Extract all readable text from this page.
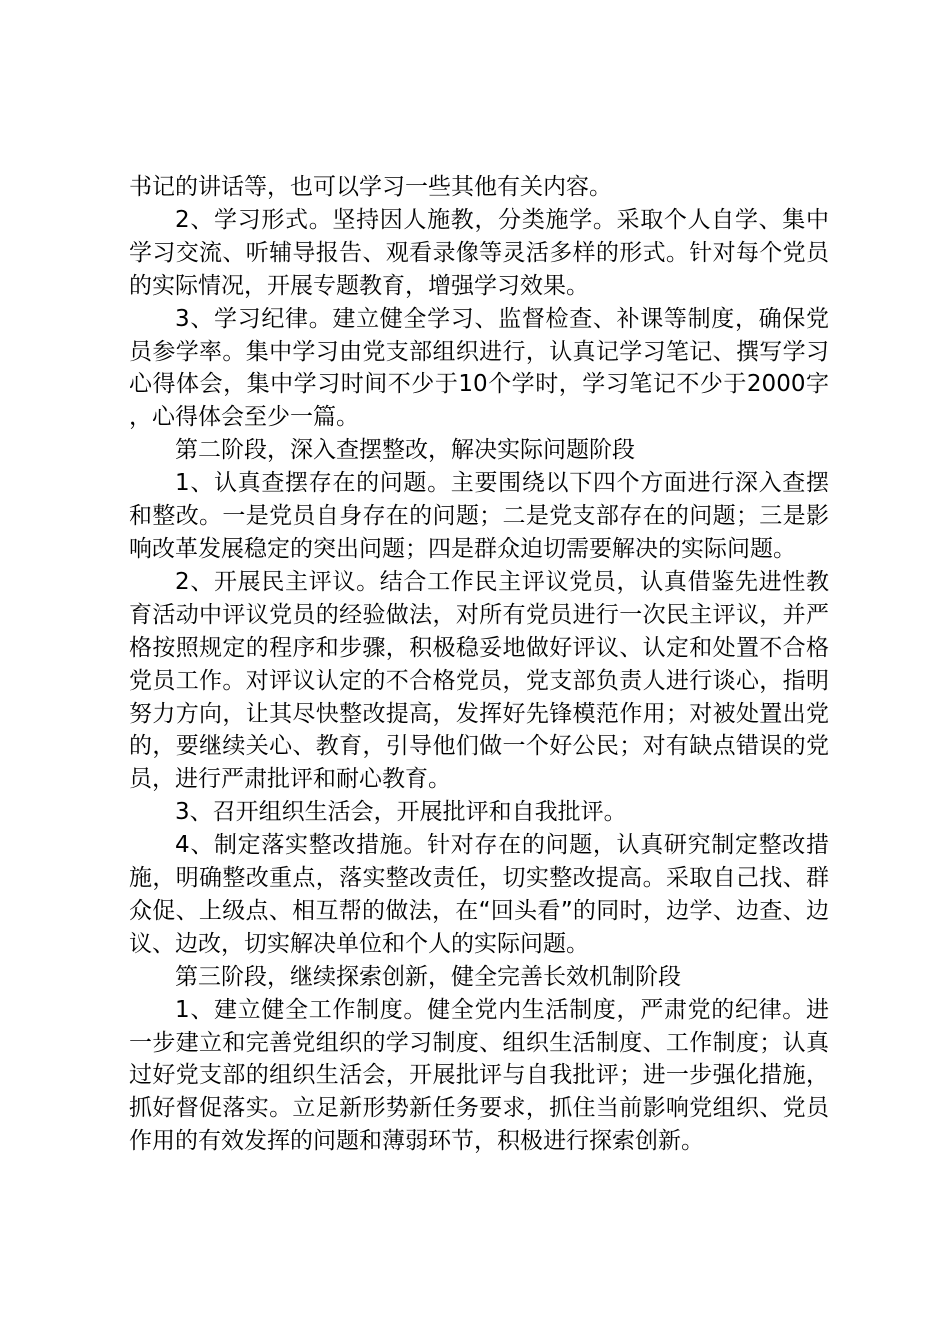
书记的讲话等，也可以学习一些其他有关内容。

2、学习形式。坚持因人施教，分类施学。采取个人自学、集中学习交流、听辅导报告、观看录像等灵活多样的形式。针对每个党员的实际情况，开展专题教育，增强学习效果。

3、学习纪律。建立健全学习、监督检查、补课等制度，确保党员参学率。集中学习由党支部组织进行，认真记学习笔记、撰写学习心得体会，集中学习时间不少于10个学时，学习笔记不少于2000字，心得体会至少一篇。

第二阶段，深入查摆整改，解决实际问题阶段

1、认真查摆存在的问题。主要围绕以下四个方面进行深入查摆和整改。一是党员自身存在的问题；二是党支部存在的问题；三是影响改革发展稳定的突出问题；四是群众迫切需要解决的实际问题。

2、开展民主评议。结合工作民主评议党员，认真借鉴先进性教育活动中评议党员的经验做法，对所有党员进行一次民主评议，并严格按照规定的程序和步骤，积极稳妥地做好评议、认定和处置不合格党员工作。对评议认定的不合格党员，党支部负责人进行谈心，指明努力方向，让其尽快整改提高，发挥好先锋模范作用；对被处置出党的，要继续关心、教育，引导他们做一个好公民；对有缺点错误的党员，进行严肃批评和耐心教育。

3、召开组织生活会，开展批评和自我批评。

4、制定落实整改措施。针对存在的问题，认真研究制定整改措施，明确整改重点，落实整改责任，切实整改提高。采取自己找、群众促、上级点、相互帮的做法，在“回头看”的同时，边学、边查、边议、边改，切实解决单位和个人的实际问题。

第三阶段，继续探索创新，健全完善长效机制阶段

1、建立健全工作制度。健全党内生活制度，严肃党的纪律。进一步建立和完善党组织的学习制度、组织生活制度、工作制度；认真过好党支部的组织生活会，开展批评与自我批评；进一步强化措施，抓好督促落实。立足新形势新任务要求，抓住当前影响党组织、党员作用的有效发挥的问题和薄弱环节，积极进行探索创新。
